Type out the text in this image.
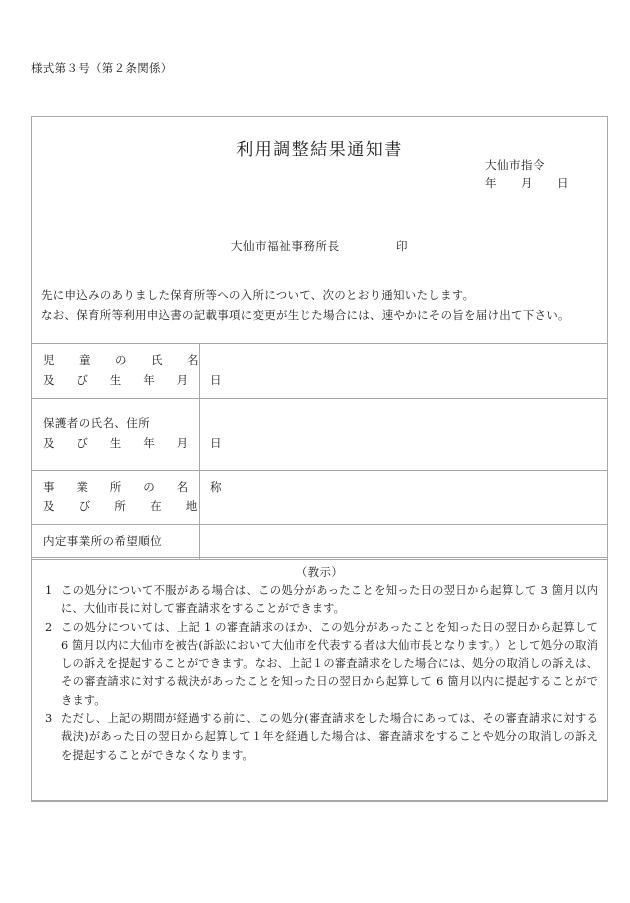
様式第３号（第２条関係）
利用調整結果通知書
大仙市指令
年　　月　　日
大仙市福祉事務所長	印
先に申込みのありました保育所等への入所について、次のとおり通知いたします。
なお、保育所等利用申込書の記載事項に変更が生じた場合には、速やかにその旨を届け出て下さい。
児　童　の　氏　名
及　び　生　年　月　日	

保護者の氏名、住所
及　び　生　年　月　日	

事　業　所　の　名　称
及　　び　　所　　在　　地	

内定事業所の希望順位	

（教示）
1 この処分について不服がある場合は、この処分があったことを知った日の翌日から起算して 3 箇月以内に、大仙市長に対して審査請求をすることができます。
2 この処分については、上記 1 の審査請求のほか、この処分があったことを知った日の翌日から起算して 6 箇月以内に大仙市を被告(訴訟において大仙市を代表する者は大仙市長となります。）として処分の取消しの訴えを提起することができます。なお、上記１の審査請求をした場合には、処分の取消しの訴えは、その審査請求に対する裁決があったことを知った日の翌日から起算して 6 箇月以内に提起することができます。
3 ただし、上記の期間が経過する前に、この処分(審査請求をした場合にあっては、その審査請求に対する裁決)があった日の翌日から起算して１年を経過した場合は、審査請求をすることや処分の取消しの訴えを提起することができなくなります。
